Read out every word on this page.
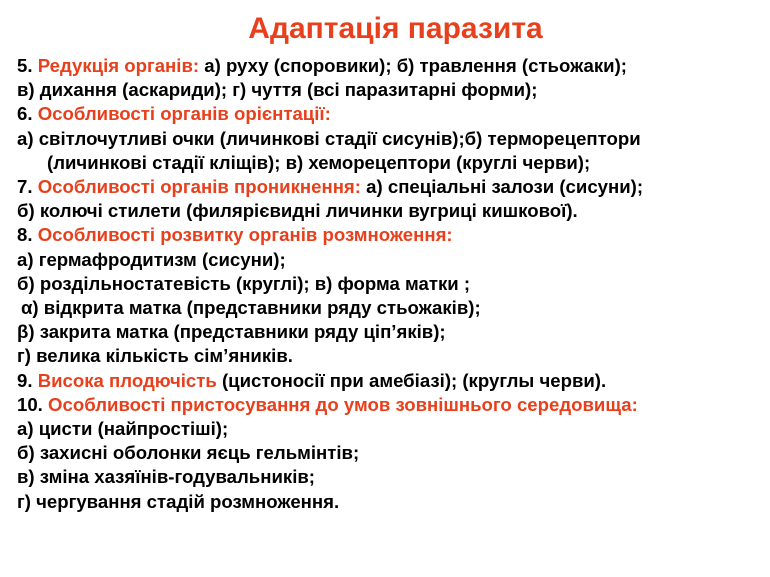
Адаптація паразита
5. Редукція органів: а) руху (споровики); б) травлення (стьожаки);
в) дихання (аскариди); г) чуття (всі паразитарні форми);
6. Особливості органів орієнтації:
а) світлочутливі очки (личинкові стадії сисунів);б) терморецептори
(личинкові стадії кліщів); в) хеморецептори (круглі черви);
7. Особливості органів проникнення: а) спеціальні залози (сисуни);
б) колючі стилети (филярієвидні личинки вугриці кишкової).
8. Особливості розвитку органів розмноження:
а) гермафродитизм (сисуни);
б) роздільностатевість (круглі); в) форма матки ;
α) відкрита матка (представники ряду стьожаків);
β) закрита матка (представники ряду ціп’яків);
г) велика кількість сім’яників.
9. Висока плодючість (цистоносії при амебіазі); (круглы черви).
10. Особливості пристосування до умов зовнішнього середовища:
а) цисти (найпростіші);
б) захисні оболонки яєць гельмінтів;
в) зміна хазяїнів-годувальників;
г) чергування стадій розмноження.
